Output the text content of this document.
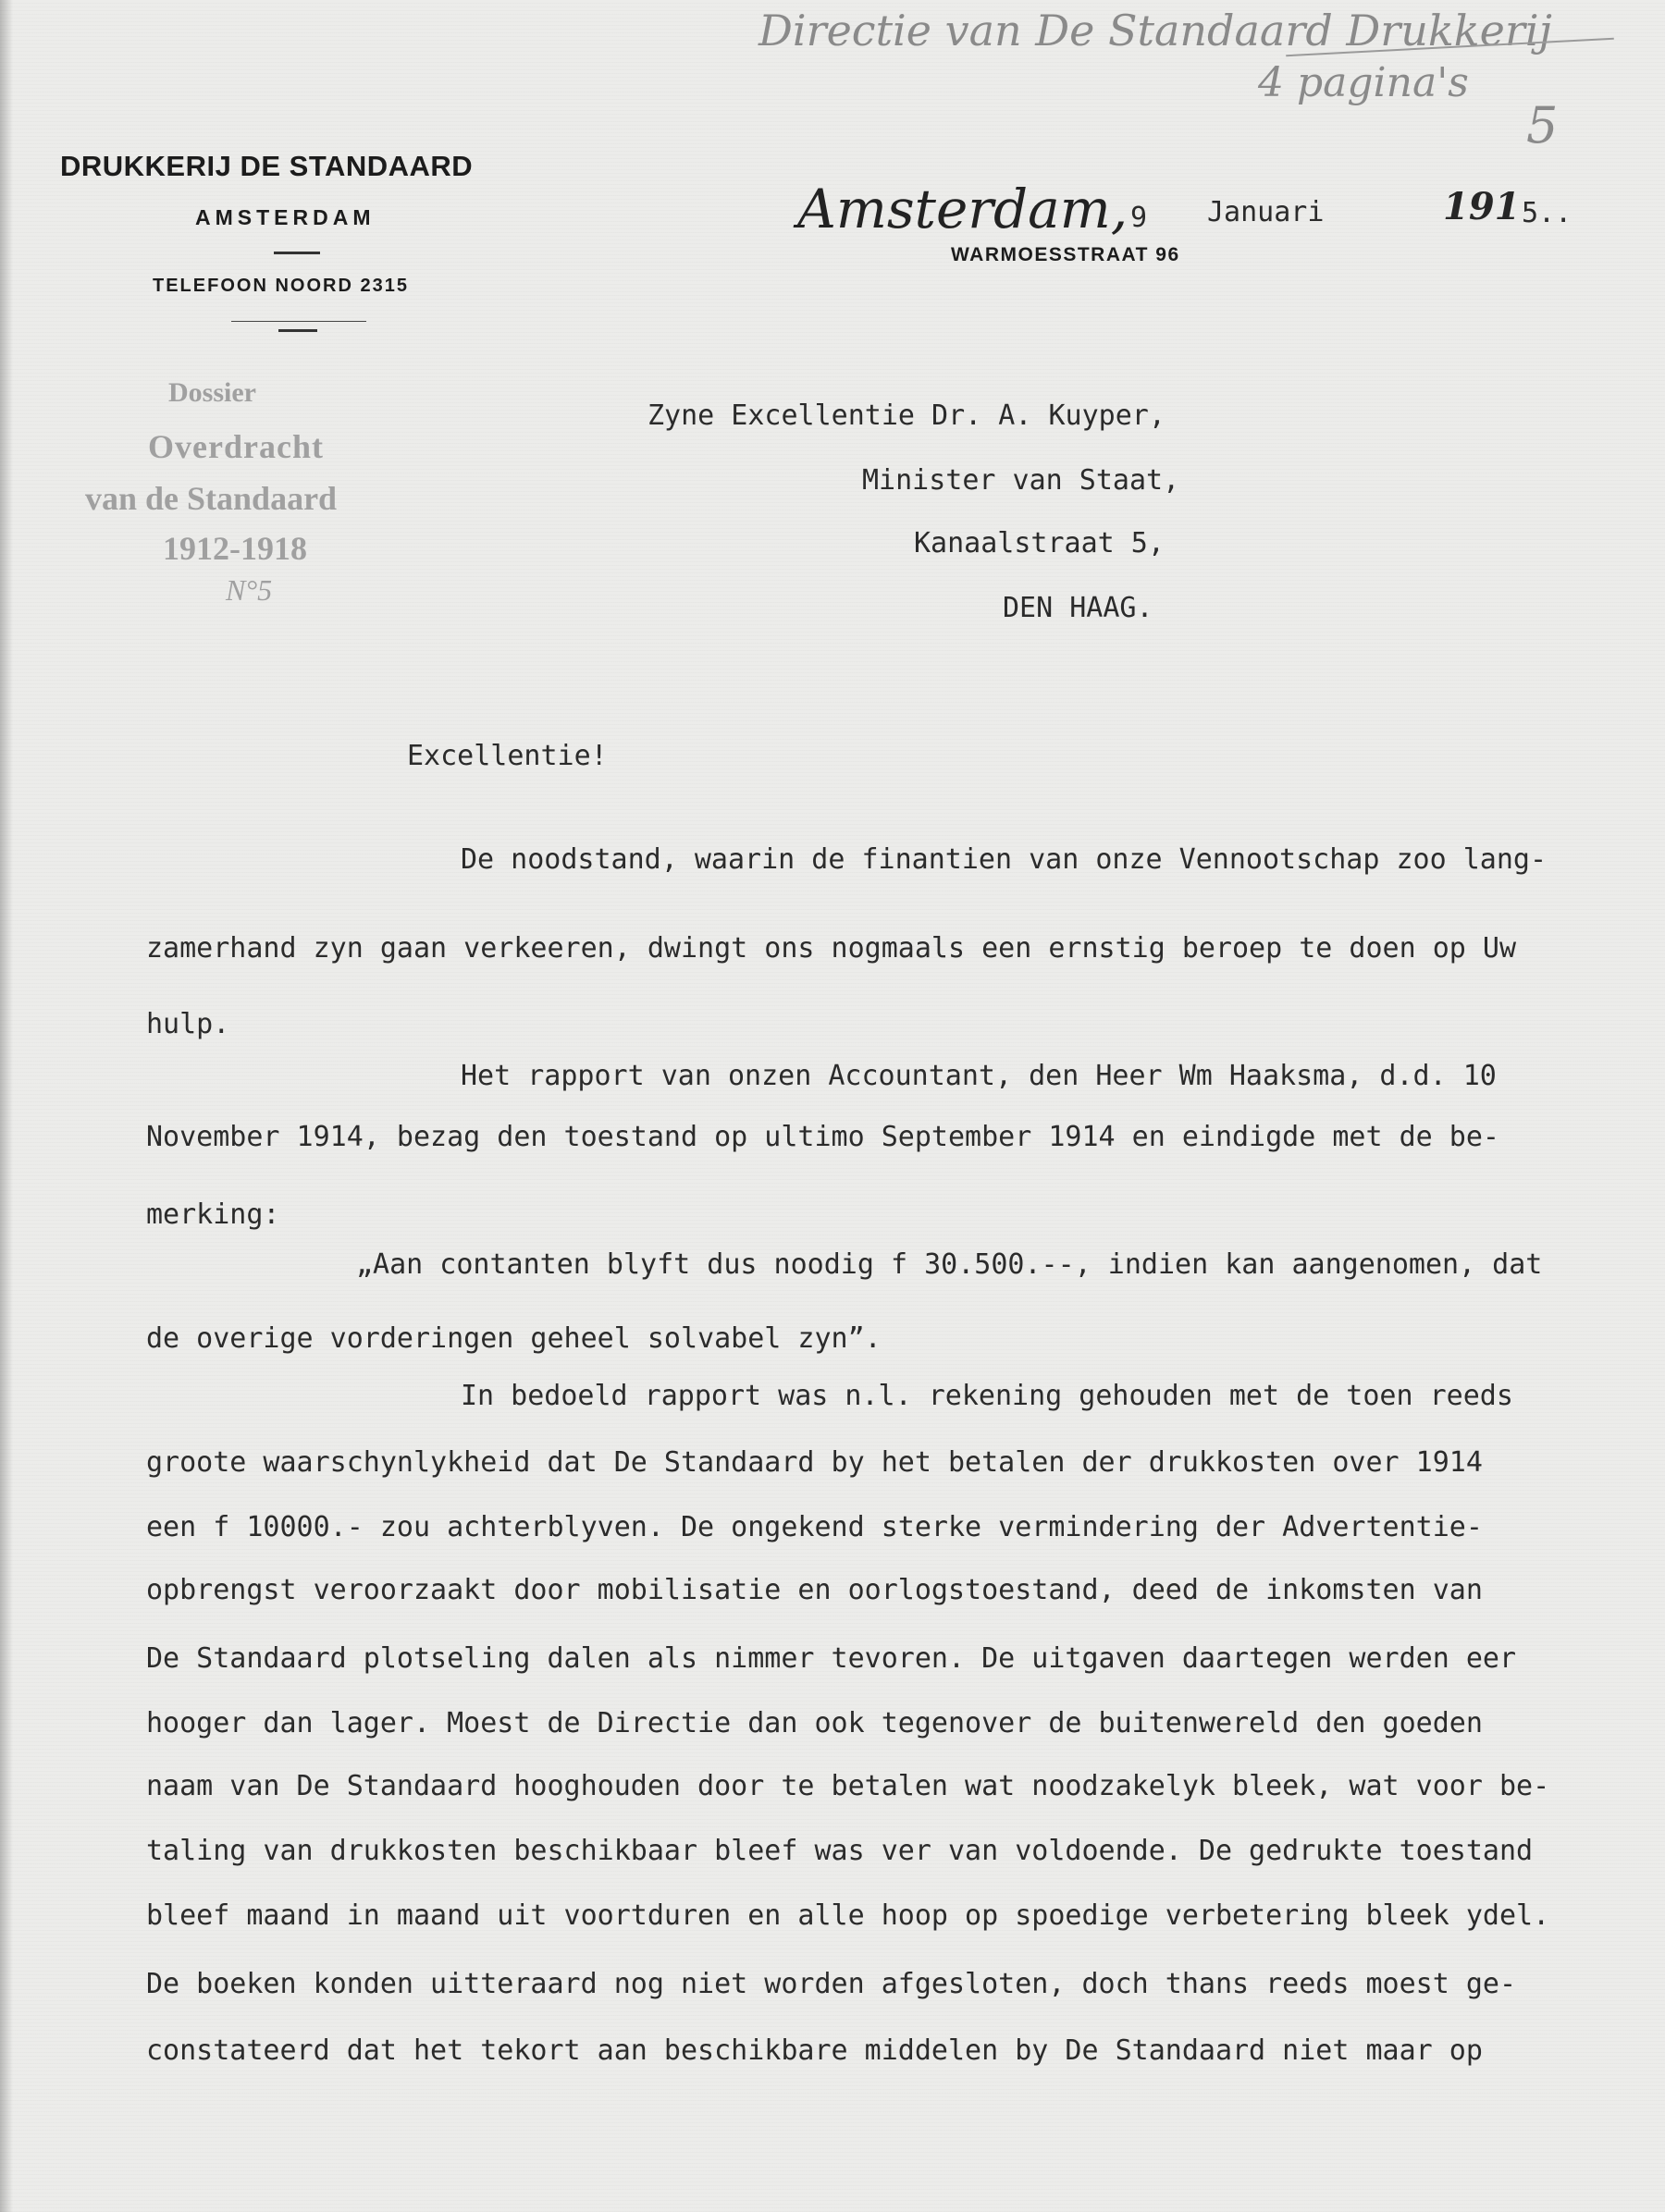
Directie van De Standaard Drukkerij
4 pagina's
5
DRUKKERIJ DE STANDAARD
AMSTERDAM
TELEFOON NOORD 2315
Amsterdam, 9 Januari	191 5..
WARMOESSTRAAT 96
Dossier
Overdracht
van de Standaard
1912-1918
N°5
Zyne Excellentie Dr. A. Kuyper,
Minister van Staat,
Kanaalstraat 5,
DEN HAAG.
Excellentie!
De noodstand, waarin de finantien van onze Vennootschap zoo lang-
zamerhand zyn gaan verkeeren, dwingt ons nogmaals een ernstig beroep te doen op Uw
hulp.
Het rapport van onzen Accountant, den Heer Wm Haaksma, d.d. 10
November 1914, bezag den toestand op ultimo September 1914 en eindigde met de be-
merking:
„Aan contanten blyft dus noodig f 30.500.--, indien kan aangenomen, dat
de overige vorderingen geheel solvabel zyn”.
In bedoeld rapport was n.l. rekening gehouden met de toen reeds
groote waarschynlykheid dat De Standaard by het betalen der drukkosten over 1914
een f 10000.- zou achterblyven. De ongekend sterke vermindering der Advertentie-
opbrengst veroorzaakt door mobilisatie en oorlogstoestand, deed de inkomsten van
De Standaard plotseling dalen als nimmer tevoren. De uitgaven daartegen werden eer
hooger dan lager. Moest de Directie dan ook tegenover de buitenwereld den goeden
naam van De Standaard hooghouden door te betalen wat noodzakelyk bleek, wat voor be-
taling van drukkosten beschikbaar bleef was ver van voldoende. De gedrukte toestand
bleef maand in maand uit voortduren en alle hoop op spoedige verbetering bleek ydel.
De boeken konden uitteraard nog niet worden afgesloten, doch thans reeds moest ge-
constateerd dat het tekort aan beschikbare middelen by De Standaard niet maar op
